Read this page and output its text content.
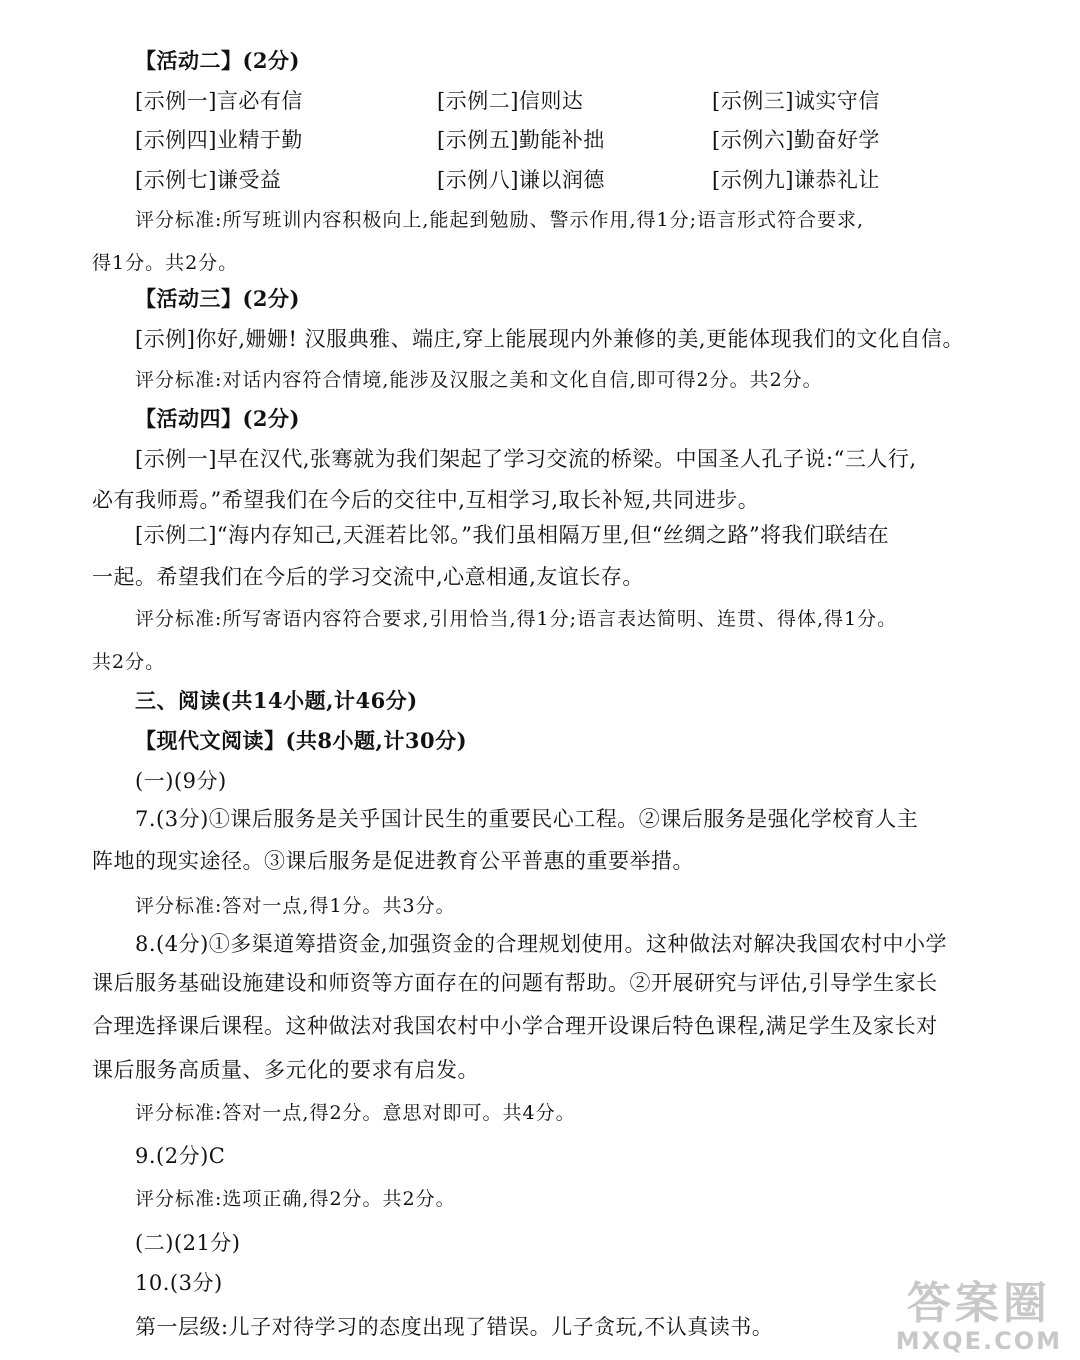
【活动二】(2分)
[示例一]言必有信	[示例二]信则达	[示例三]诚实守信
[示例四]业精于勤	[示例五]勤能补拙	[示例六]勤奋好学
[示例七]谦受益	[示例八]谦以润德	[示例九]谦恭礼让
评分标准:所写班训内容积极向上,能起到勉励、警示作用,得1分;语言形式符合要求,
得1分。共2分。
【活动三】(2分)
[示例]你好,姗姗! 汉服典雅、端庄,穿上能展现内外兼修的美,更能体现我们的文化自信。
评分标准:对话内容符合情境,能涉及汉服之美和文化自信,即可得2分。共2分。
【活动四】(2分)
[示例一]早在汉代,张骞就为我们架起了学习交流的桥梁。中国圣人孔子说:“三人行,
必有我师焉。”希望我们在今后的交往中,互相学习,取长补短,共同进步。
[示例二]“海内存知己,天涯若比邻。”我们虽相隔万里,但“丝绸之路”将我们联结在
一起。希望我们在今后的学习交流中,心意相通,友谊长存。
评分标准:所写寄语内容符合要求,引用恰当,得1分;语言表达简明、连贯、得体,得1分。
共2分。
三、阅读(共14小题,计46分)
【现代文阅读】(共8小题,计30分)
(一)(9分)
7.(3分)①课后服务是关乎国计民生的重要民心工程。②课后服务是强化学校育人主
阵地的现实途径。③课后服务是促进教育公平普惠的重要举措。
评分标准:答对一点,得1分。共3分。
8.(4分)①多渠道筹措资金,加强资金的合理规划使用。这种做法对解决我国农村中小学
课后服务基础设施建设和师资等方面存在的问题有帮助。②开展研究与评估,引导学生家长
合理选择课后课程。这种做法对我国农村中小学合理开设课后特色课程,满足学生及家长对
课后服务高质量、多元化的要求有启发。
评分标准:答对一点,得2分。意思对即可。共4分。
9.(2分)C
评分标准:选项正确,得2分。共2分。
(二)(21分)
10.(3分)
第一层级:儿子对待学习的态度出现了错误。儿子贪玩,不认真读书。	答案圈
MXQE.COM
